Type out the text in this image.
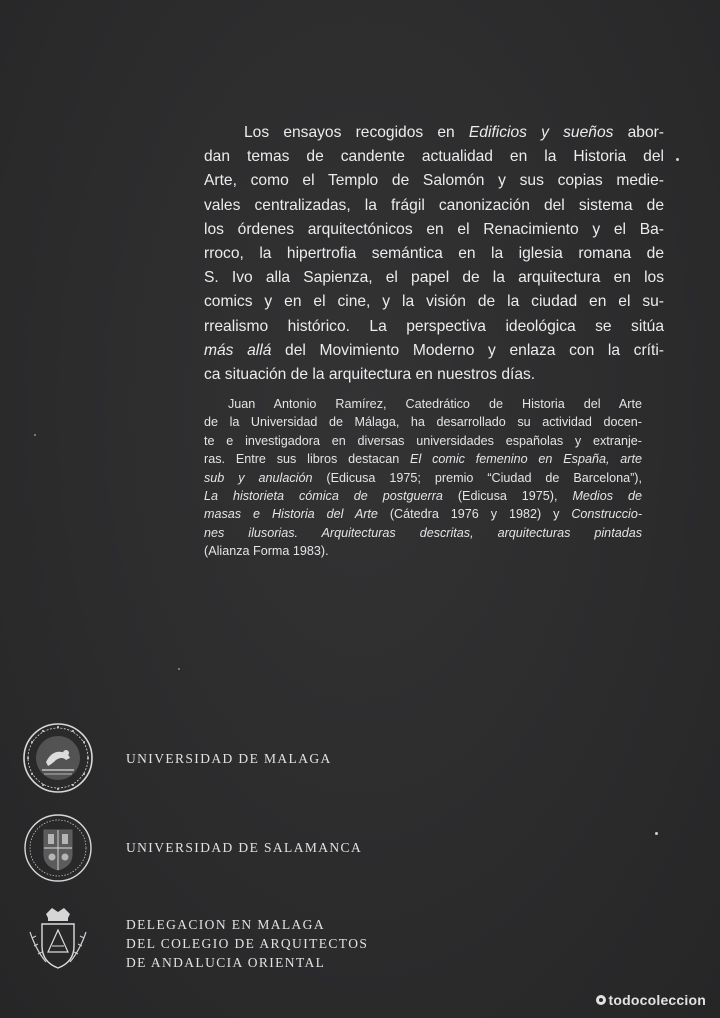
Los ensayos recogidos en Edificios y sueños abor-
dan temas de candente actualidad en la Historia del
Arte, como el Templo de Salomón y sus copias medie-
vales centralizadas, la frágil canonización del sistema de
los órdenes arquitectónicos en el Renacimiento y el Ba-
rroco, la hipertrofia semántica en la iglesia romana de
S. Ivo alla Sapienza, el papel de la arquitectura en los
comics y en el cine, y la visión de la ciudad en el su-
rrealismo histórico. La perspectiva ideológica se sitúa
más allá del Movimiento Moderno y enlaza con la críti-
ca situación de la arquitectura en nuestros días.
Juan Antonio Ramírez, Catedrático de Historia del Arte
de la Universidad de Málaga, ha desarrollado su actividad docen-
te e investigadora en diversas universidades españolas y extranje-
ras. Entre sus libros destacan El comic femenino en España, arte
sub y anulación (Edicusa 1975; premio “Ciudad de Barcelona”),
La historieta cómica de postguerra (Edicusa 1975), Medios de
masas e Historia del Arte (Cátedra 1976 y 1982) y Construccio-
nes ilusorias. Arquitecturas descritas, arquitecturas pintadas
(Alianza Forma 1983).
UNIVERSIDAD DE MALAGA
UNIVERSIDAD DE SALAMANCA
DELEGACION EN MALAGA
DEL COLEGIO DE ARQUITECTOS
DE ANDALUCIA ORIENTAL
todocoleccion
